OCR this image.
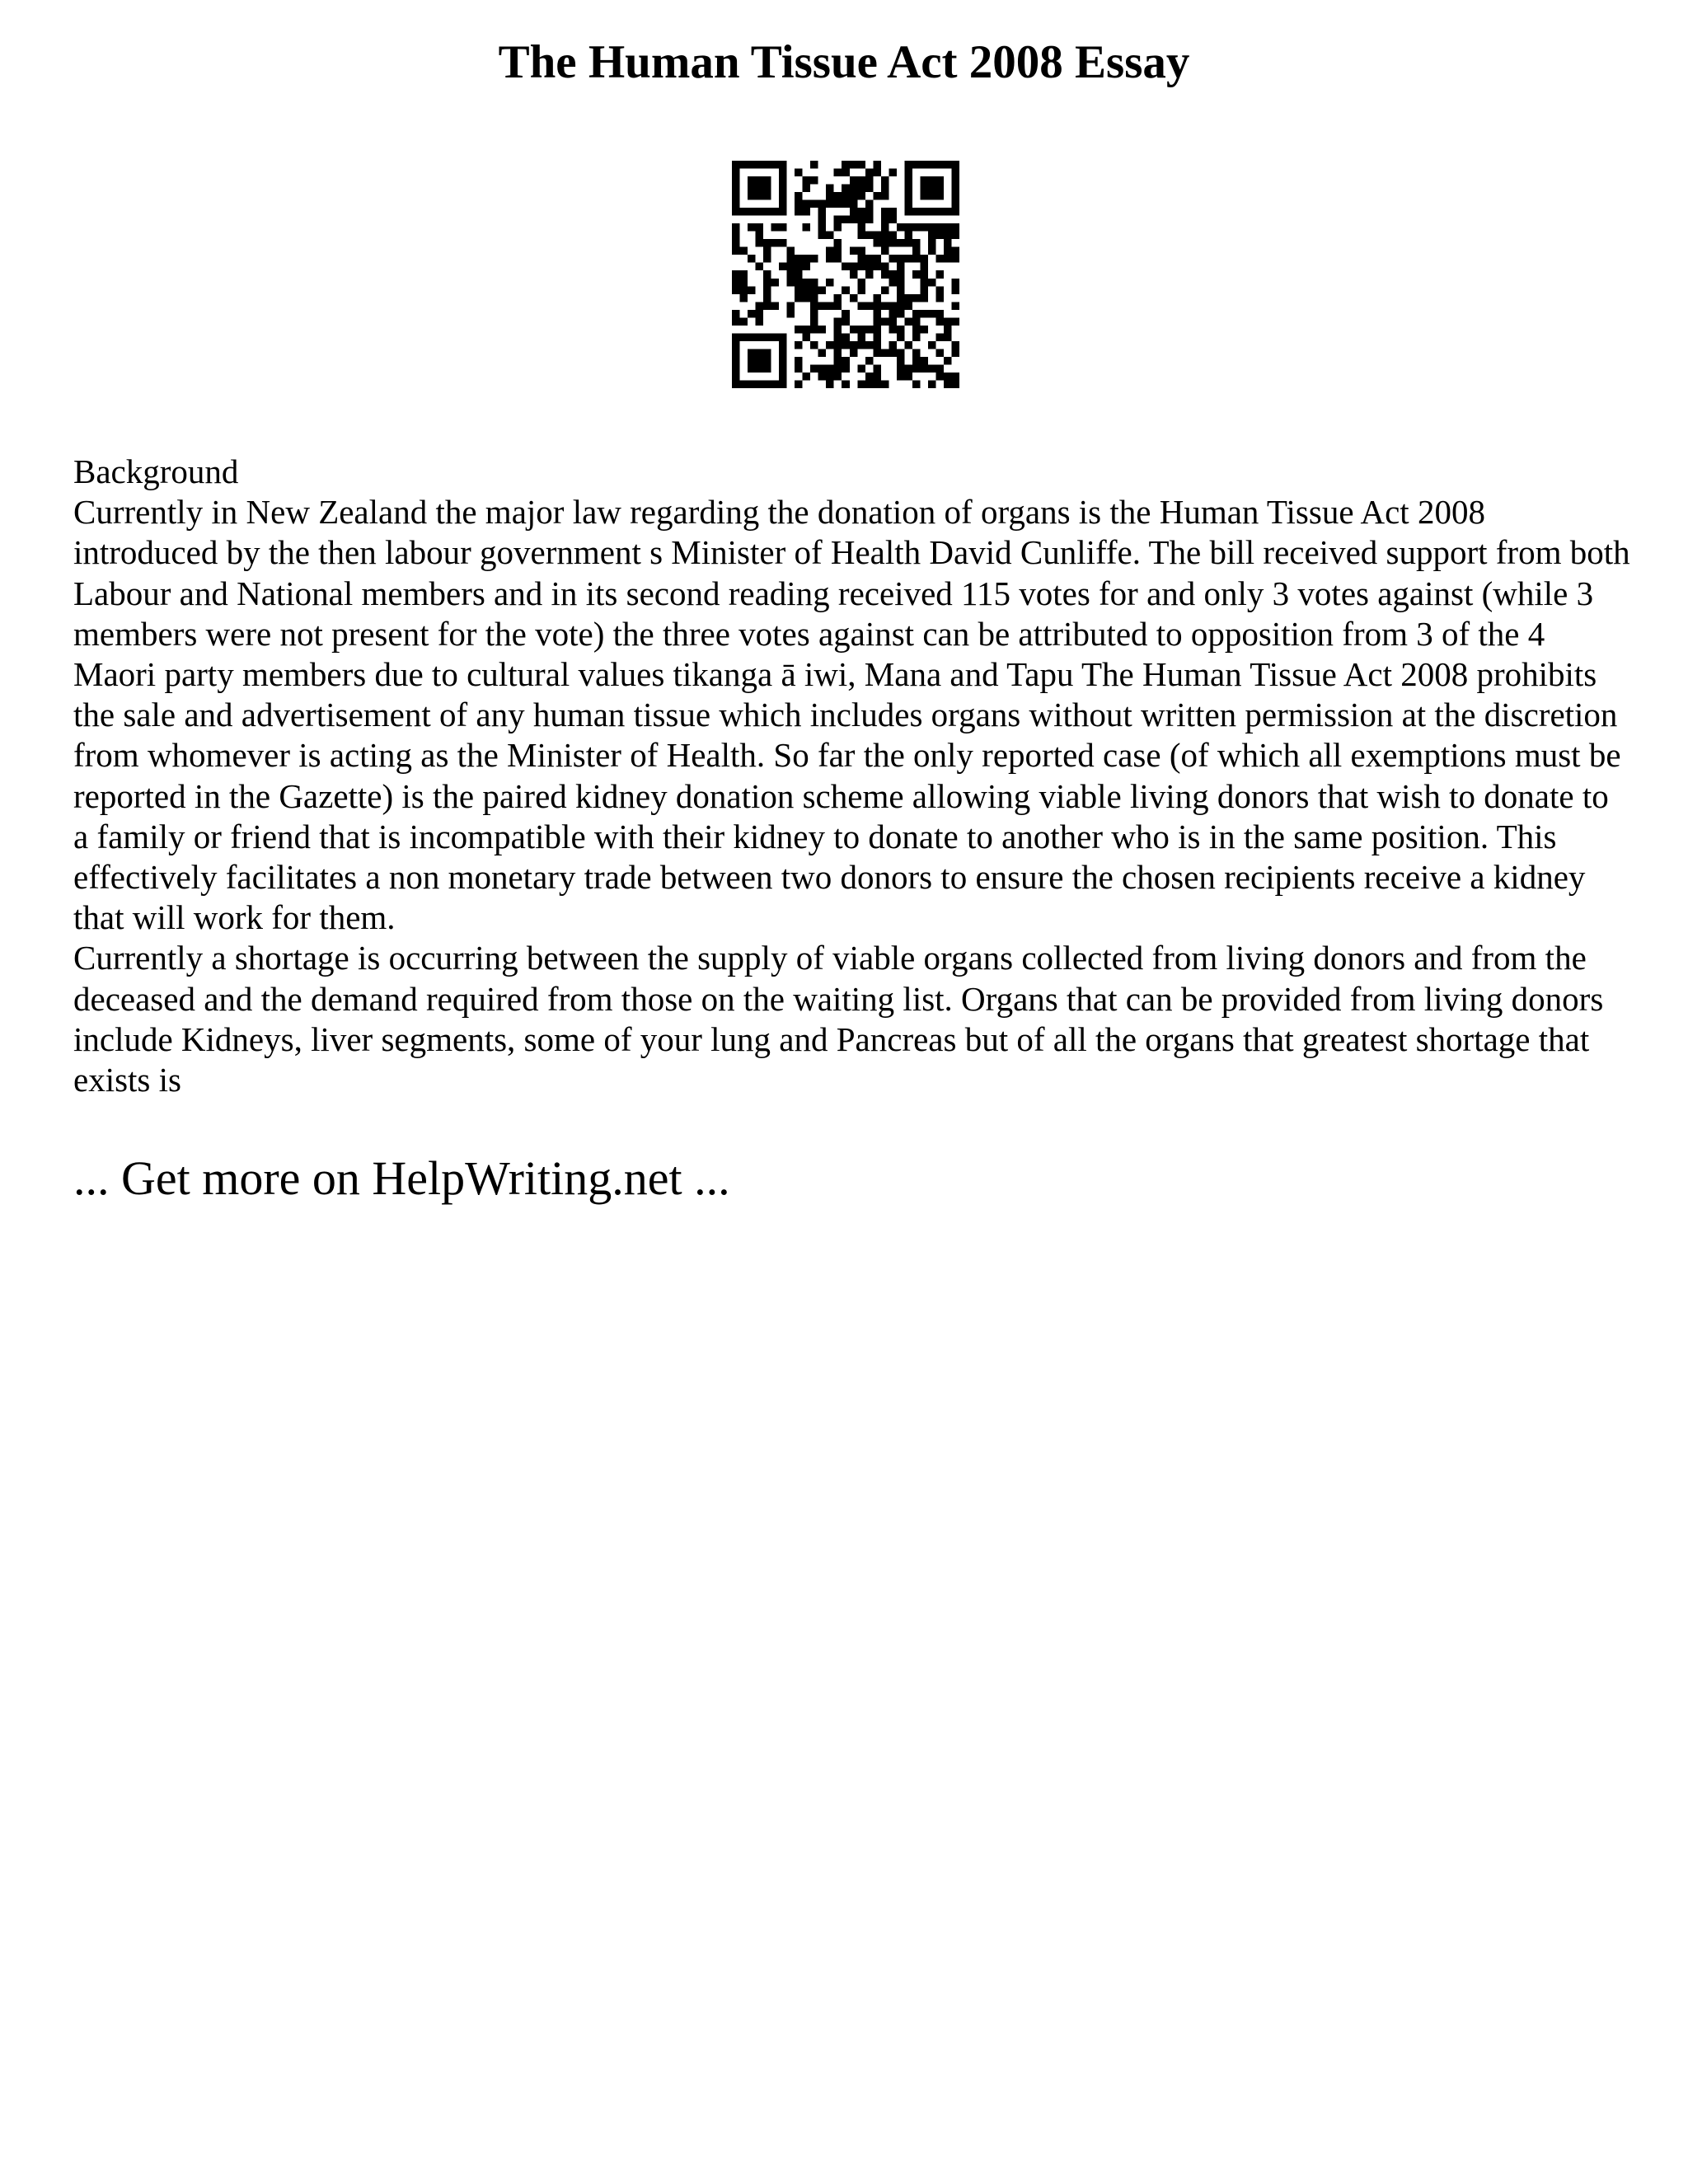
The Human Tissue Act 2008 Essay

Background

Currently in New Zealand the major law regarding the donation of organs is the Human Tissue Act 2008 introduced by the then labour government s Minister of Health David Cunliffe. The bill received support from both Labour and National members and in its second reading received 115 votes for and only 3 votes against (while 3 members were not present for the vote) the three votes against can be attributed to opposition from 3 of the 4 Maori party members due to cultural values tikanga ā iwi, Mana and Tapu The Human Tissue Act 2008 prohibits the sale and advertisement of any human tissue which includes organs without written permission at the discretion from whomever is acting as the Minister of Health. So far the only reported case (of which all exemptions must be reported in the Gazette) is the paired kidney donation scheme allowing viable living donors that wish to donate to a family or friend that is incompatible with their kidney to donate to another who is in the same position. This effectively facilitates a non monetary trade between two donors to ensure the chosen recipients receive a kidney that will work for them.

Currently a shortage is occurring between the supply of viable organs collected from living donors and from the deceased and the demand required from those on the waiting list. Organs that can be provided from living donors include Kidneys, liver segments, some of your lung and Pancreas but of all the organs that greatest shortage that exists is

... Get more on HelpWriting.net ...
